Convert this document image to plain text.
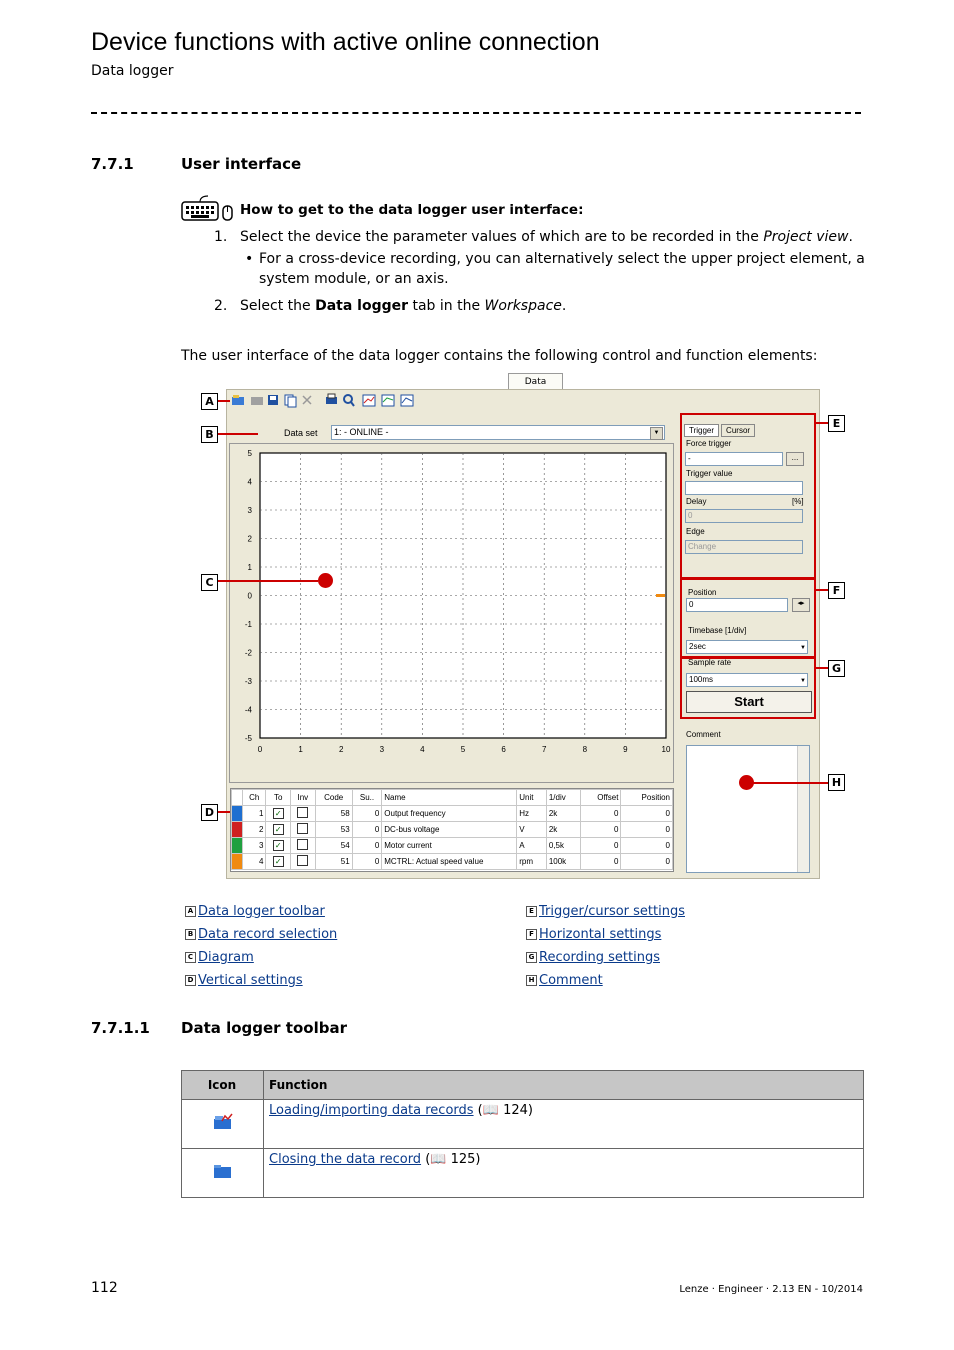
Device functions with active online connection
Data logger
7.7.1	User interface
How to get to the data logger user interface:

1. Select the device the parameter values of which are to be recorded in the Project view.

• For a cross-device recording, you can alternatively select the upper project element, a

system module, or an axis.

2. Select the Data logger tab in the Workspace.

The user interface of the data logger contains the following control and function elements:

Data
Data set	1: - ONLINE -	▼
5
4
3
2
1
0
-1
-2
-3
-4
-5
0	1	2	3	4	5	6	7	8	9	10
	Ch	To	Inv	Code	Su..	Name	Unit	1/div	Offset	Position
	1	✓		58	0	Output frequency	Hz	2k	0	0
	2	✓		53	0	DC-bus voltage	V	2k	0	0
	3	✓		54	0	Motor current	A	0,5k	0	0
	4	✓		51	0	MCTRL: Actual speed value	rpm	100k	0	0
Trigger Cursor
Force trigger
-	...
Trigger value
Delay	[%]
0
Edge
Change
Position
0	◂▸
Timebase [1/div]
2sec	▼
Sample rate
100ms	▼
Start
Comment
A
B
C
D
E
F
G
H
A Data logger toolbar
B Data record selection
C Diagram
D Vertical settings
E Trigger/cursor settings
F Horizontal settings
G Recording settings
H Comment
7.7.1.1 Data logger toolbar
Icon	Function
	Loading/importing data records (📖 124)
	Closing the data record (📖 125)
112	Lenze · Engineer · 2.13 EN - 10/2014
